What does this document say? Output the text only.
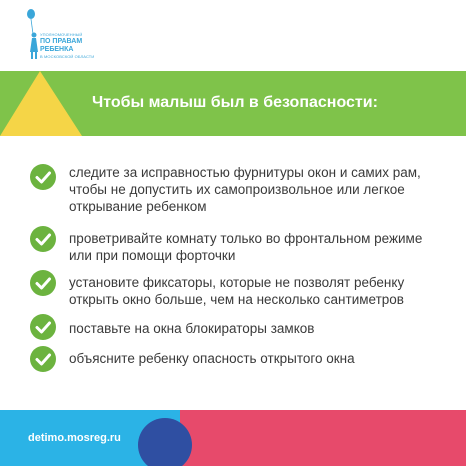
УПОЛНОМОЧЕННЫЙ
ПО ПРАВАМ
РЕБЕНКА
В МОСКОВСКОЙ ОБЛАСТИ
Чтобы малыш был в безопасности:
следите за исправностью фурнитуры окон и самих рам, чтобы не допустить их самопроизвольное или легкое открывание ребенком
проветривайте комнату только во фронтальном режиме или при помощи форточки
установите фиксаторы, которые не позволят ребенку открыть окно больше, чем на несколько сантиметров
поставьте на окна блокираторы замков
объясните ребенку опасность открытого окна
detimo.mosreg.ru
